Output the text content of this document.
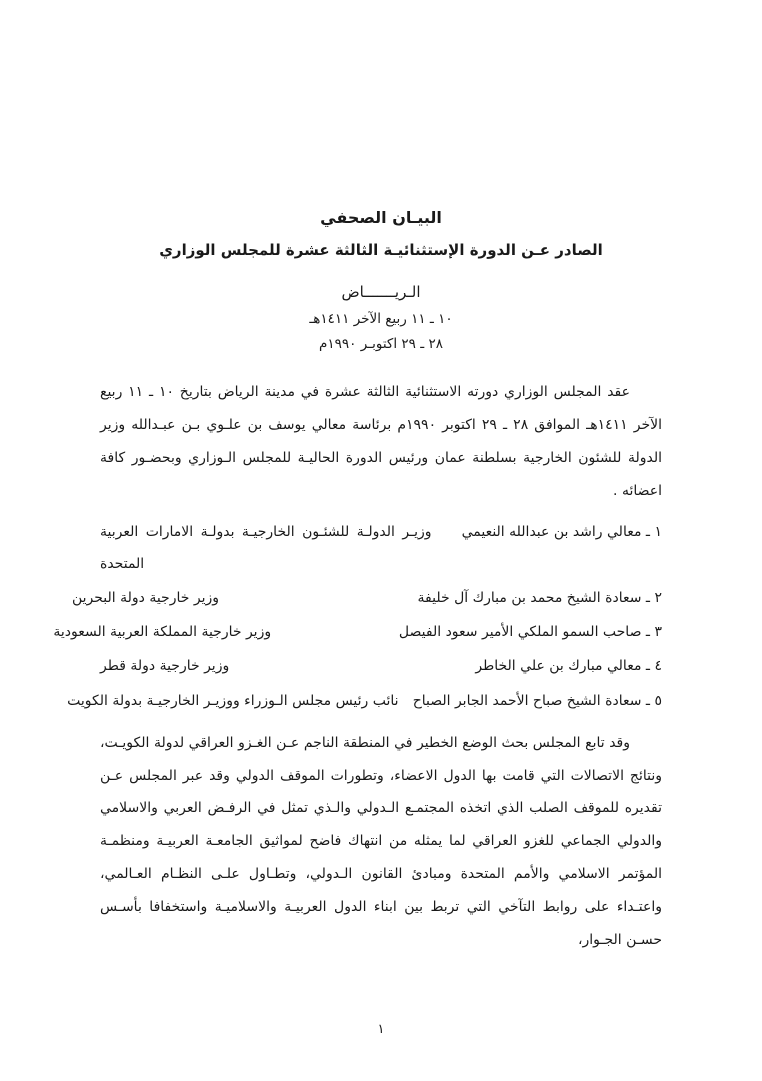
البيـان الصحفي
الصادر عـن الدورة الإستثنائيـة الثالثة عشرة للمجلس الوزاري
الـريـــــــاض
١٠ ـ ١١ ربيع الآخر ١٤١١هـ
٢٨ ـ ٢٩ اكتوبـر ١٩٩٠م

عقد المجلس الوزاري دورته الاستثنائية الثالثة عشرة في مدينة الرياض بتاريخ ١٠ ـ ١١ ربيع الآخر ١٤١١هـ الموافق ٢٨ ـ ٢٩ اكتوبر ١٩٩٠م برئاسة معالي يوسف بن علـوي بـن عبـدالله وزير الدولة للشئون الخارجية بسلطنة عمان ورئيس الدورة الحاليـة للمجلس الـوزاري وبحضـور كافة اعضائه .

١ ـ معالي راشد بن عبدالله النعيمي
وزيـر الدولـة للشئـون الخارجيـة بدولـة الامارات العربية المتحدة
٢ ـ سعادة الشيخ محمد بن مبارك آل خليفة
وزير خارجية دولة البحرين
٣ ـ صاحب السمو الملكي الأمير سعود الفيصل
وزير خارجية المملكة العربية السعودية
٤ ـ معالي مبارك بن علي الخاطر
وزير خارجية دولة قطر
٥ ـ سعادة الشيخ صباح الأحمد الجابر الصباح
نائب رئيس مجلس الـوزراء ووزيـر الخارجيـة بدولة الكويت

وقد تابع المجلس بحث الوضع الخطير في المنطقة الناجم عـن الغـزو العراقي لدولة الكويـت، ونتائج الاتصالات التي قامت بها الدول الاعضاء، وتطورات الموقف الدولي وقد عبر المجلس عـن تقديره للموقف الصلب الذي اتخذه المجتمـع الـدولي والـذي تمثل في الرفـض العربي والاسلامي والدولي الجماعي للغزو العراقي لما يمثله من انتهاك فاضح لمواثيق الجامعـة العربيـة ومنظمـة المؤتمر الاسلامي والأمم المتحدة ومبادئ القانون الـدولي، وتطـاول علـى النظـام العـالمي، واعتـداء على روابط التآخي التي تربط بين ابناء الدول العربيـة والاسلاميـة واستخفافا بأسـس حسـن الجـوار،

١
